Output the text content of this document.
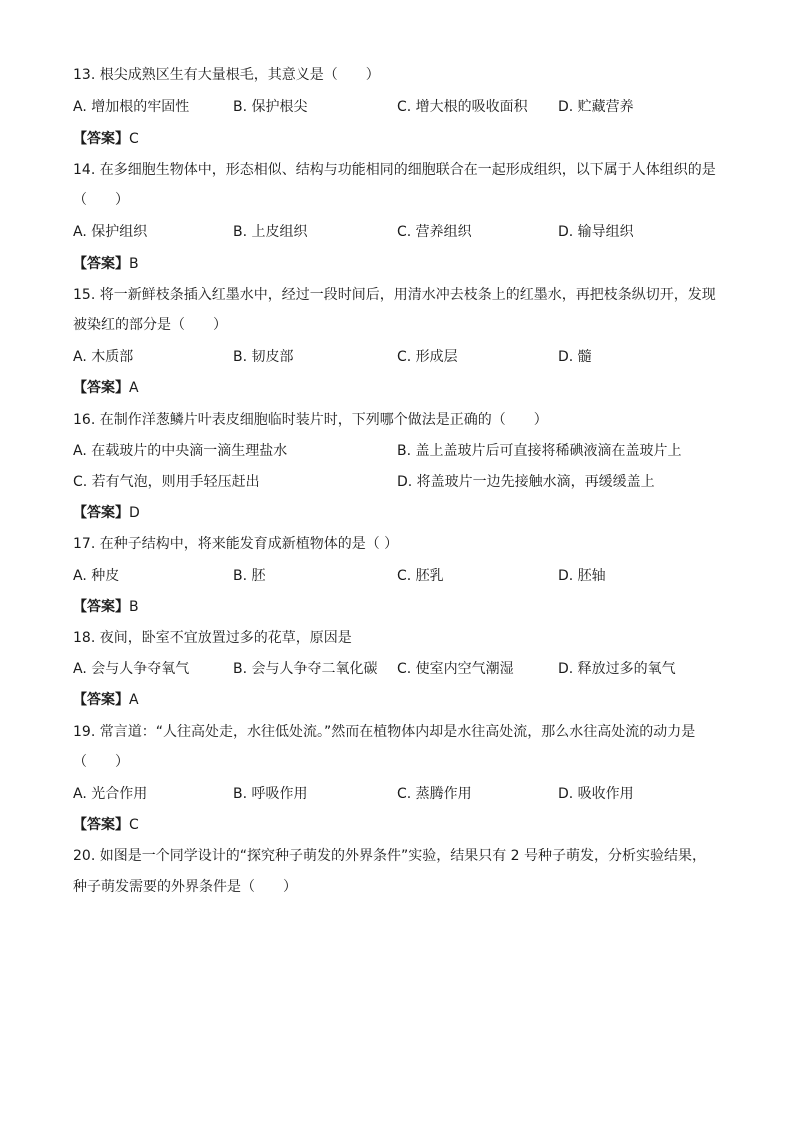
13. 根尖成熟区生有大量根毛，其意义是（　　）
A. 增加根的牢固性	B. 保护根尖	C. 增大根的吸收面积 D. 贮藏营养
【答案】C
14. 在多细胞生物体中，形态相似、结构与功能相同的细胞联合在一起形成组织，以下属于人体组织的是
（　　）
A. 保护组织	B. 上皮组织	C. 营养组织	D. 输导组织
【答案】B
15. 将一新鲜枝条插入红墨水中，经过一段时间后，用清水冲去枝条上的红墨水，再把枝条纵切开，发现
被染红的部分是（　　）
A. 木质部	B. 韧皮部	C. 形成层	D. 髓
【答案】A
16. 在制作洋葱鳞片叶表皮细胞临时装片时，下列哪个做法是正确的（　　）
A. 在载玻片的中央滴一滴生理盐水	B. 盖上盖玻片后可直接将稀碘液滴在盖玻片上
C. 若有气泡，则用手轻压赶出	D. 将盖玻片一边先接触水滴，再缓缓盖上
【答案】D
17. 在种子结构中，将来能发育成新植物体的是（ ）
A. 种皮	B. 胚	C. 胚乳	D. 胚轴
【答案】B
18. 夜间，卧室不宜放置过多的花草，原因是
A. 会与人争夺氧气	B. 会与人争夺二氧化碳 C. 使室内空气潮湿	D. 释放过多的氧气
【答案】A
19. 常言道：“人往高处走，水往低处流。”然而在植物体内却是水往高处流，那么水往高处流的动力是
（　　）
A. 光合作用	B. 呼吸作用	C. 蒸腾作用	D. 吸收作用
【答案】C
20. 如图是一个同学设计的“探究种子萌发的外界条件”实验，结果只有 2 号种子萌发，分析实验结果，
种子萌发需要的外界条件是（　　）
